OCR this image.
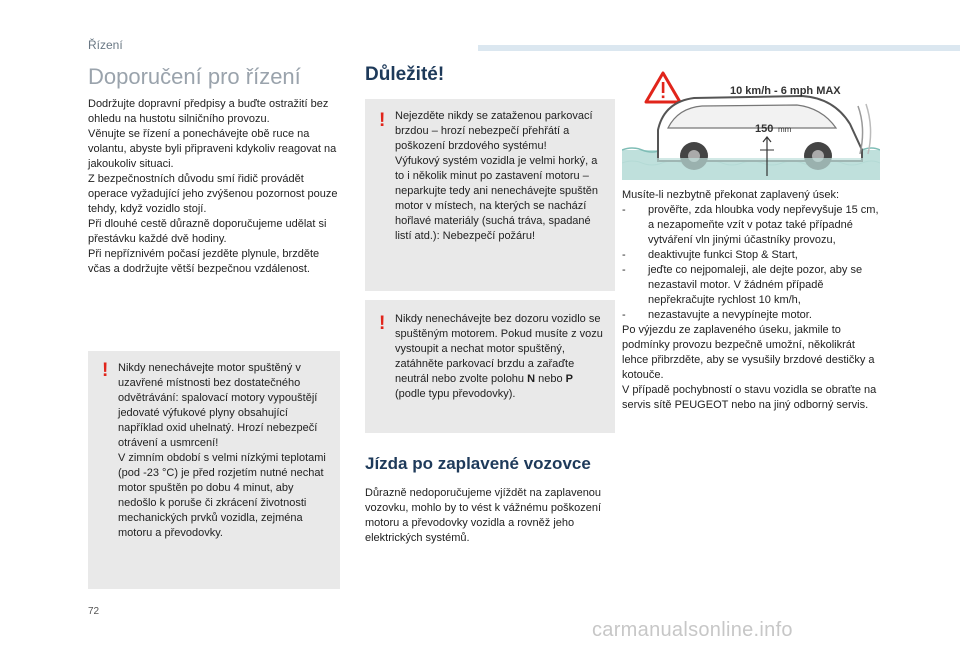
Řízení
Doporučení pro řízení

Dodržujte dopravní předpisy a buďte ostražití bez ohledu na hustotu silničního provozu.

Věnujte se řízení a ponechávejte obě ruce na volantu, abyste byli připraveni kdykoliv reagovat na jakoukoliv situaci.

Z bezpečnostních důvodu smí řidič provádět operace vyžadující jeho zvýšenou pozornost pouze tehdy, když vozidlo stojí.

Při dlouhé cestě důrazně doporučujeme udělat si přestávku každé dvě hodiny.

Při nepříznivém počasí jezděte plynule, brzděte včas a dodržujte větší bezpečnou vzdálenost.

! Nikdy nenechávejte motor spuštěný v uzavřené místnosti bez dostatečného odvětrávání: spalovací motory vypouštějí jedovaté výfukové plyny obsahující například oxid uhelnatý. Hrozí nebezpečí otrávení a usmrcení!

V zimním období s velmi nízkými teplotami (pod -23 °C) je před rozjetím nutné nechat motor spuštěn po dobu 4 minut, aby nedošlo k poruše či zkrácení životnosti mechanických prvků vozidla, zejména motoru a převodovky.

Důležité!
! Nejezděte nikdy se zataženou parkovací brzdou – hrozí nebezpečí přehřátí a poškození brzdového systému!

Výfukový systém vozidla je velmi horký, a to i několik minut po zastavení motoru – neparkujte tedy ani nenechávejte spuštěn motor v místech, na kterých se nachází hořlavé materiály (suchá tráva, spadané listí atd.): Nebezpečí požáru!

! Nikdy nenechávejte bez dozoru vozidlo se spuštěným motorem. Pokud musíte z vozu vystoupit a nechat motor spuštěný, zatáhněte parkovací brzdu a zařaďte neutrál nebo zvolte polohu N nebo P (podle typu převodovky).

Jízda po zaplavené vozovce

Důrazně nedoporučujeme vjíždět na zaplavenou vozovku, mohlo by to vést k vážnému poškození motoru a převodovky vozidla a rovněž jeho elektrických systémů.

10 km/h - 6 mph MAX
150 mm

Musíte-li nezbytně překonat zaplavený úsek:

- prověřte, zda hloubka vody nepřevyšuje 15 cm, a nezapomeňte vzít v potaz také případné vytváření vln jinými účastníky provozu,
- deaktivujte funkci Stop & Start,
- jeďte co nejpomaleji, ale dejte pozor, aby se nezastavil motor. V žádném případě nepřekračujte rychlost 10 km/h,
- nezastavujte a nevypínejte motor.

Po výjezdu ze zaplaveného úseku, jakmile to podmínky provozu bezpečně umožní, několikrát lehce přibrzděte, aby se vysušily brzdové destičky a kotouče.

V případě pochybností o stavu vozidla se obraťte na servis sítě PEUGEOT nebo na jiný odborný servis.

72
carmanualsonline.info
